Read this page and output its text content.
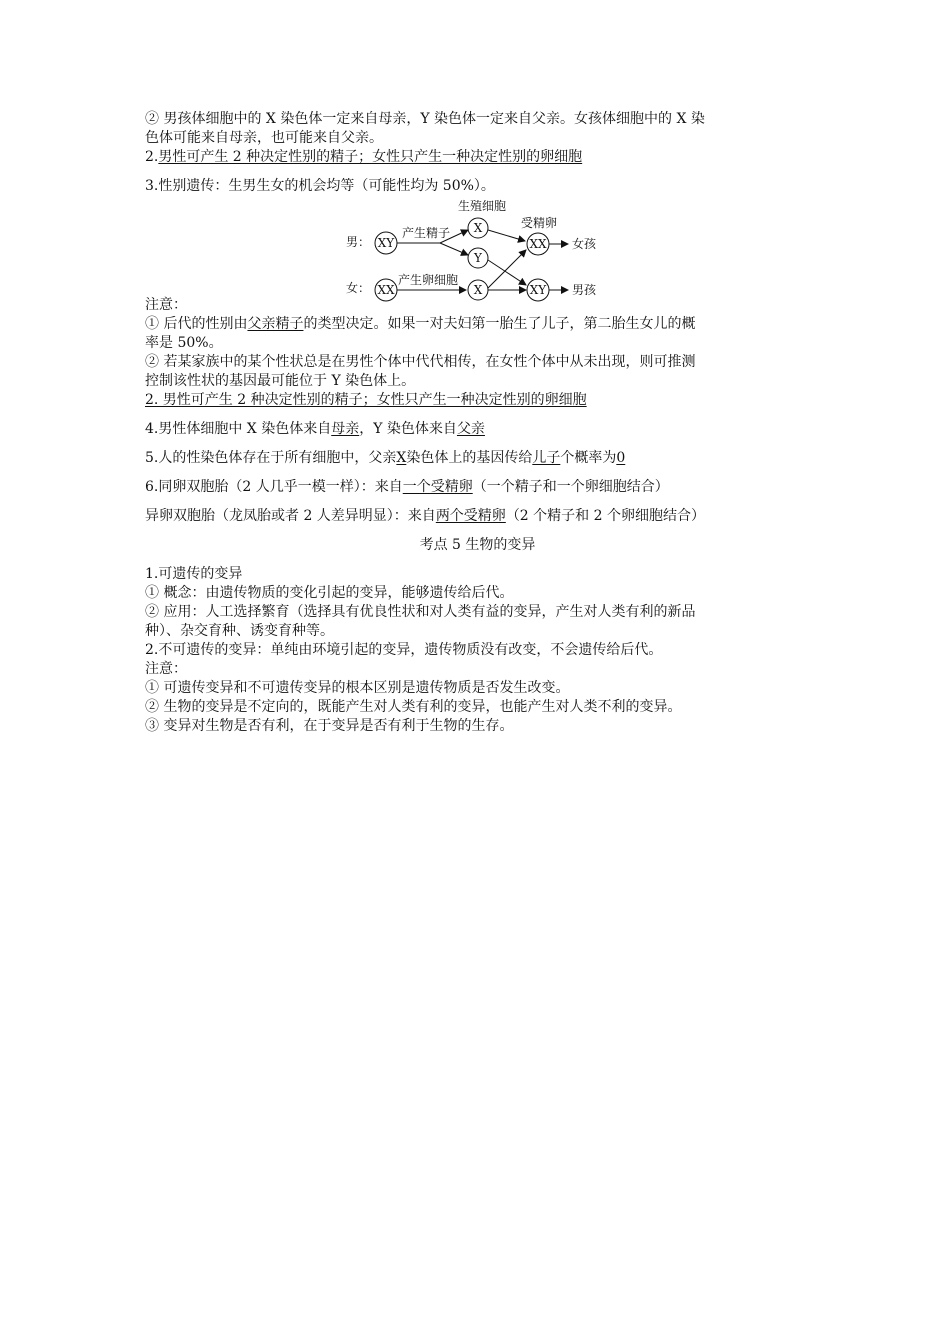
② 男孩体细胞中的 X 染色体一定来自母亲，Y 染色体一定来自父亲。女孩体细胞中的 X 染
色体可能来自母亲，也可能来自父亲。
2.男性可产生 2 种决定性别的精子；女性只产生一种决定性别的卵细胞
3.性别遗传：生男生女的机会均等（可能性均为 50%）。
生殖细胞
受精卵
男：
女：
XY
XX
产生精子
产生卵细胞
X
Y
X
XX
XY
女孩
男孩
注意：
① 后代的性别由父亲精子的类型决定。如果一对夫妇第一胎生了儿子，第二胎生女儿的概
率是 50%。
② 若某家族中的某个性状总是在男性个体中代代相传，在女性个体中从未出现，则可推测
控制该性状的基因最可能位于 Y 染色体上。
2. 男性可产生 2 种决定性别的精子；女性只产生一种决定性别的卵细胞
4.男性体细胞中 X 染色体来自母亲，Y 染色体来自父亲
5.人的性染色体存在于所有细胞中，父亲X染色体上的基因传给儿子个概率为0
6.同卵双胞胎（2 人几乎一模一样）：来自一个受精卵（一个精子和一个卵细胞结合）
异卵双胞胎（龙凤胎或者 2 人差异明显）：来自两个受精卵（2 个精子和 2 个卵细胞结合）
考点 5 生物的变异
1.可遗传的变异
① 概念：由遗传物质的变化引起的变异，能够遗传给后代。
② 应用：人工选择繁育（选择具有优良性状和对人类有益的变异，产生对人类有利的新品
种）、杂交育种、诱变育种等。
2.不可遗传的变异：单纯由环境引起的变异，遗传物质没有改变，不会遗传给后代。
注意：
① 可遗传变异和不可遗传变异的根本区别是遗传物质是否发生改变。
② 生物的变异是不定向的，既能产生对人类有利的变异，也能产生对人类不利的变异。
③ 变异对生物是否有利，在于变异是否有利于生物的生存。
